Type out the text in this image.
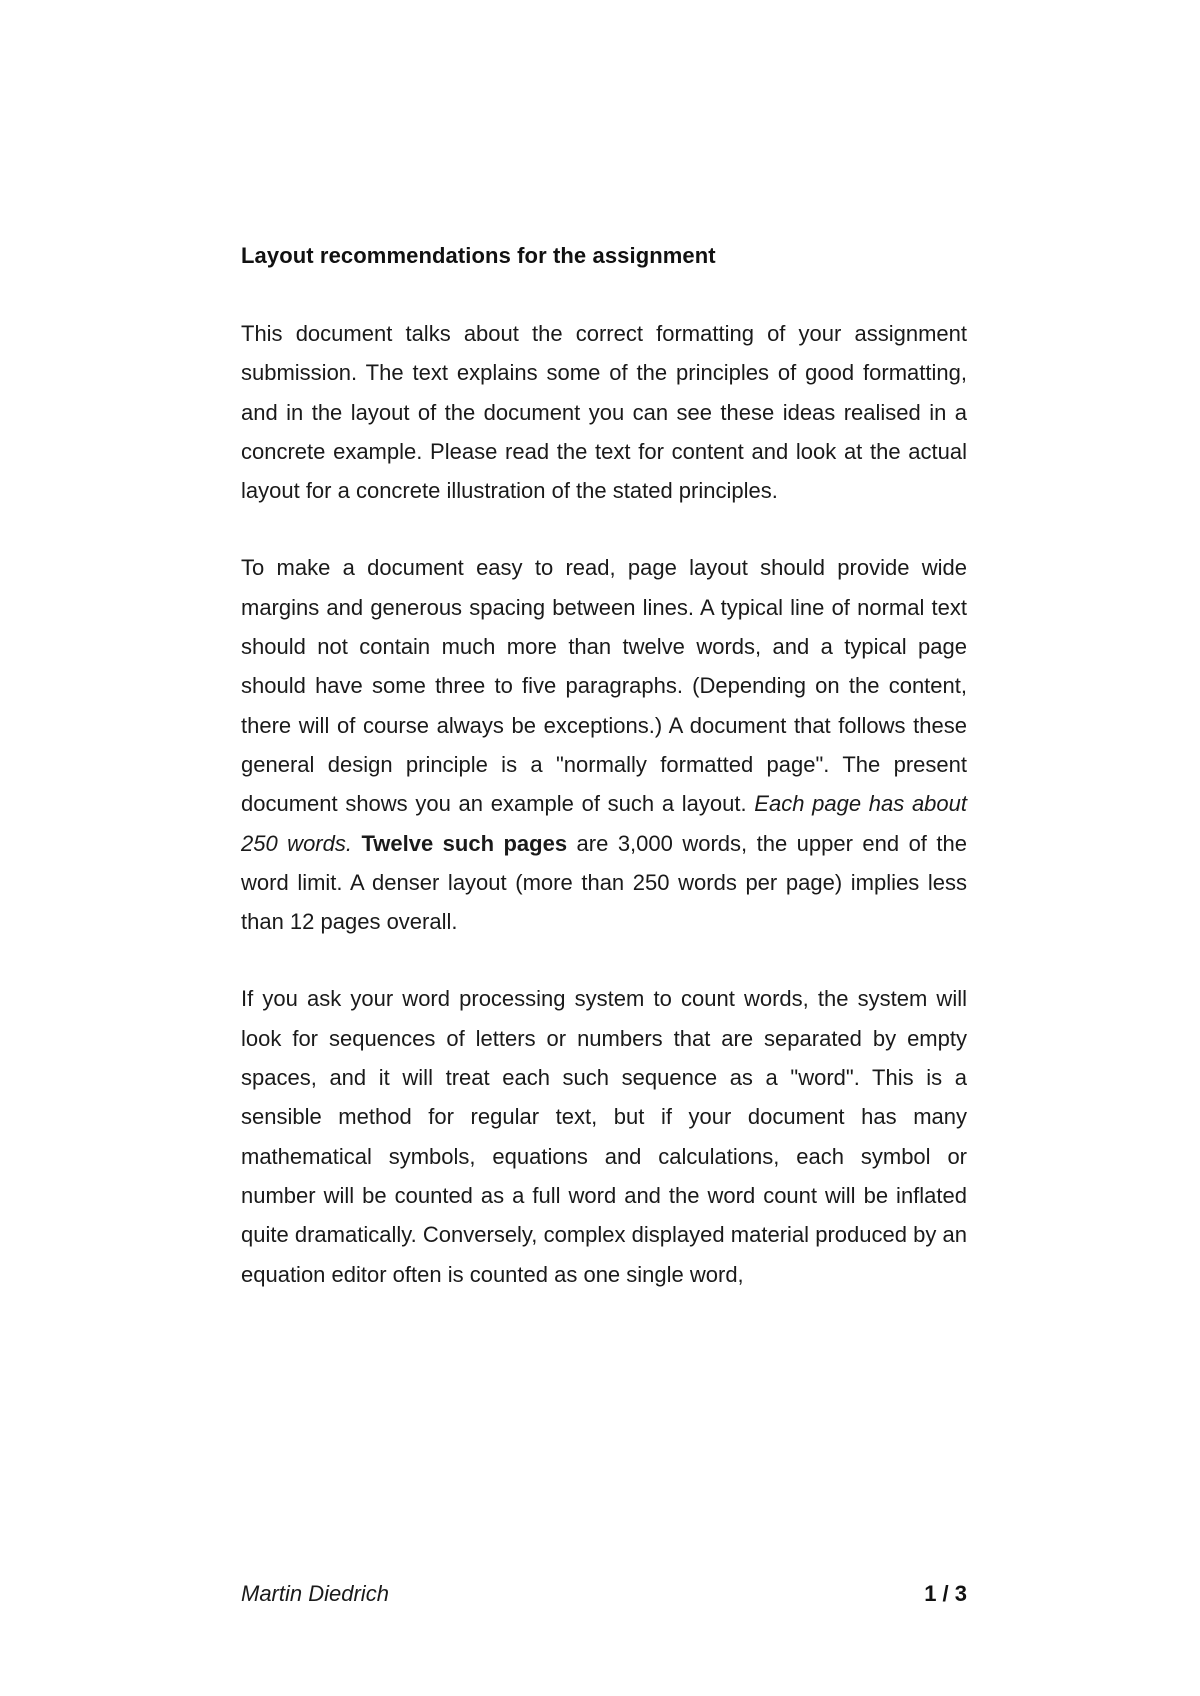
Layout recommendations for the assignment

This document talks about the correct formatting of your assignment submission. The text explains some of the principles of good formatting, and in the layout of the document you can see these ideas realised in a concrete example. Please read the text for content and look at the actual layout for a concrete illustration of the stated principles.

To make a document easy to read, page layout should provide wide margins and generous spacing between lines. A typical line of normal text should not contain much more than twelve words, and a typical page should have some three to five paragraphs. (Depending on the content, there will of course always be exceptions.) A document that follows these general design principle is a "normally formatted page". The present document shows you an example of such a layout. Each page has about 250 words. Twelve such pages are 3,000 words, the upper end of the word limit. A denser layout (more than 250 words per page) implies less than 12 pages overall.

If you ask your word processing system to count words, the system will look for sequences of letters or numbers that are separated by empty spaces, and it will treat each such sequence as a "word". This is a sensible method for regular text, but if your document has many mathematical symbols, equations and calculations, each symbol or number will be counted as a full word and the word count will be inflated quite dramatically. Conversely, complex displayed material produced by an equation editor often is counted as one single word,

Martin Diedrich	1 / 3
